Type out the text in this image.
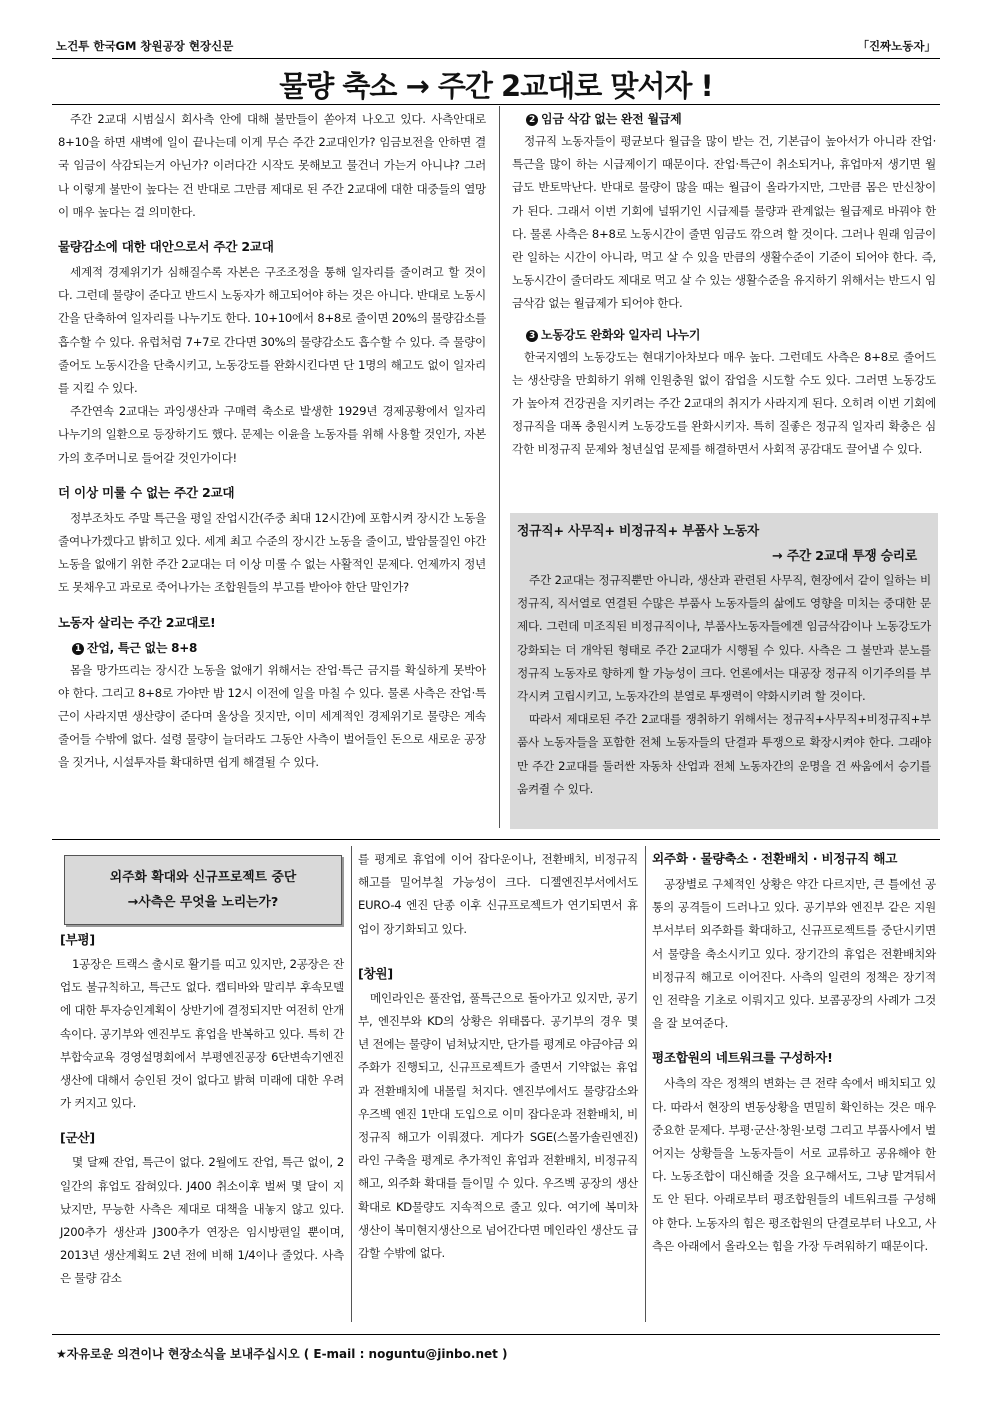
노건투 한국GM 창원공장 현장신문	「진짜노동자」
물량 축소 → 주간 2교대로 맞서자 !

주간 2교대 시범실시 회사측 안에 대해 불만들이 쏟아져 나오고 있다. 사측안대로 8+10을 하면 새벽에 일이 끝나는데 이게 무슨 주간 2교대인가? 임금보전을 안하면 결국 임금이 삭감되는거 아닌가? 이러다간 시작도 못해보고 물건너 가는거 아니냐? 그러나 이렇게 불만이 높다는 건 반대로 그만큼 제대로 된 주간 2교대에 대한 대중들의 열망이 매우 높다는 걸 의미한다.

물량감소에 대한 대안으로서 주간 2교대

세계적 경제위기가 심해질수록 자본은 구조조정을 통해 일자리를 줄이려고 할 것이다. 그런데 물량이 준다고 반드시 노동자가 해고되어야 하는 것은 아니다. 반대로 노동시간을 단축하여 일자리를 나누기도 한다. 10+10에서 8+8로 줄이면 20%의 물량감소를 흡수할 수 있다. 유럽처럼 7+7로 간다면 30%의 물량감소도 흡수할 수 있다. 즉 물량이 줄어도 노동시간을 단축시키고, 노동강도를 완화시킨다면 단 1명의 해고도 없이 일자리를 지킬 수 있다.

주간연속 2교대는 과잉생산과 구매력 축소로 발생한 1929년 경제공황에서 일자리 나누기의 일환으로 등장하기도 했다. 문제는 이윤을 노동자를 위해 사용할 것인가, 자본가의 호주머니로 들어갈 것인가이다!

더 이상 미룰 수 없는 주간 2교대

정부조차도 주말 특근을 평일 잔업시간(주중 최대 12시간)에 포함시켜 장시간 노동을 줄여나가겠다고 밝히고 있다. 세계 최고 수준의 장시간 노동을 줄이고, 발암물질인 야간노동을 없애기 위한 주간 2교대는 더 이상 미룰 수 없는 사활적인 문제다. 언제까지 정년도 못채우고 과로로 죽어나가는 조합원들의 부고를 받아야 한단 말인가?

노동자 살리는 주간 2교대로!
1 잔업, 특근 없는 8+8

몸을 망가뜨리는 장시간 노동을 없애기 위해서는 잔업·특근 금지를 확실하게 못박아야 한다. 그리고 8+8로 가야만 밤 12시 이전에 일을 마칠 수 있다. 물론 사측은 잔업·특근이 사라지면 생산량이 준다며 울상을 짓지만, 이미 세계적인 경제위기로 물량은 계속 줄어들 수밖에 없다. 설령 물량이 늘더라도 그동안 사측이 벌어들인 돈으로 새로운 공장을 짓거나, 시설투자를 확대하면 쉽게 해결될 수 있다.

2 임금 삭감 없는 완전 월급제

정규직 노동자들이 평균보다 월급을 많이 받는 건, 기본급이 높아서가 아니라 잔업·특근을 많이 하는 시급제이기 때문이다. 잔업·특근이 취소되거나, 휴업마저 생기면 월급도 반토막난다. 반대로 물량이 많을 때는 월급이 올라가지만, 그만큼 몸은 만신창이가 된다. 그래서 이번 기회에 널뛰기인 시급제를 물량과 관계없는 월급제로 바꿔야 한다. 물론 사측은 8+8로 노동시간이 줄면 임금도 깎으려 할 것이다. 그러나 원래 임금이란 일하는 시간이 아니라, 먹고 살 수 있을 만큼의 생활수준이 기준이 되어야 한다. 즉, 노동시간이 줄더라도 제대로 먹고 살 수 있는 생활수준을 유지하기 위해서는 반드시 임금삭감 없는 월급제가 되어야 한다.

3 노동강도 완화와 일자리 나누기

한국지엠의 노동강도는 현대기아차보다 매우 높다. 그런데도 사측은 8+8로 줄어드는 생산량을 만회하기 위해 인원충원 없이 잡업을 시도할 수도 있다. 그러면 노동강도가 높아져 건강권을 지키려는 주간 2교대의 취지가 사라지게 된다. 오히려 이번 기회에 정규직을 대폭 충원시켜 노동강도를 완화시키자. 특히 질좋은 정규직 일자리 확충은 심각한 비정규직 문제와 청년실업 문제를 해결하면서 사회적 공감대도 끌어낼 수 있다.

정규직+ 사무직+ 비정규직+ 부품사 노동자
→ 주간 2교대 투쟁 승리로

주간 2교대는 정규직뿐만 아니라, 생산과 관련된 사무직, 현장에서 같이 일하는 비정규직, 직서열로 연결된 수많은 부품사 노동자들의 삶에도 영향을 미치는 중대한 문제다. 그런데 미조직된 비정규직이나, 부품사노동자들에겐 임금삭감이나 노동강도가 강화되는 더 개악된 형태로 주간 2교대가 시행될 수 있다. 사측은 그 불만과 분노를 정규직 노동자로 향하게 할 가능성이 크다. 언론에서는 대공장 정규직 이기주의를 부각시켜 고립시키고, 노동자간의 분열로 투쟁력이 약화시키려 할 것이다.

따라서 제대로된 주간 2교대를 쟁취하기 위해서는 정규직+사무직+비정규직+부품사 노동자들을 포함한 전체 노동자들의 단결과 투쟁으로 확장시켜야 한다. 그래야만 주간 2교대를 둘러싼 자동차 산업과 전체 노동자간의 운명을 건 싸움에서 승기를 움켜쥘 수 있다.

외주화 확대와 신규프로젝트 중단
→사측은 무엇을 노리는가?
[부평]

1공장은 트랙스 출시로 활기를 띠고 있지만, 2공장은 잔업도 불규칙하고, 특근도 없다. 캡티바와 말리부 후속모델에 대한 투자승인계획이 상반기에 결정되지만 여전히 안개 속이다. 공기부와 엔진부도 휴업을 반복하고 있다. 특히 간부합숙교육 경영설명회에서 부평엔진공장 6단변속기엔진생산에 대해서 승인된 것이 없다고 밝혀 미래에 대한 우려가 커지고 있다.

[군산]

몇 달째 잔업, 특근이 없다. 2월에도 잔업, 특근 없이, 2일간의 휴업도 잡혀있다. J400 취소이후 벌써 몇 달이 지났지만, 무능한 사측은 제대로 대책을 내놓지 않고 있다. J200추가 생산과 J300추가 연장은 임시방편일 뿐이며, 2013년 생산계획도 2년 전에 비해 1/4이나 줄었다. 사측은 물량 감소

를 평계로 휴업에 이어 잡다운이나, 전환배치, 비정규직 해고를 밀어부칠 가능성이 크다. 디젤엔진부서에서도 EURO-4 엔진 단종 이후 신규프로젝트가 연기되면서 휴업이 장기화되고 있다.

[창원]

메인라인은 풀잔업, 풀특근으로 돌아가고 있지만, 공기부, 엔진부와 KD의 상황은 위태롭다. 공기부의 경우 몇 년 전에는 물량이 넘쳐났지만, 단가를 평계로 야금야금 외주화가 진행되고, 신규프로젝트가 줄면서 기약없는 휴업과 전환배치에 내몰릴 처지다. 엔진부에서도 물량감소와 우즈벡 엔진 1만대 도입으로 이미 잡다운과 전환배치, 비정규직 해고가 이뤄졌다. 게다가 SGE(스몰가솔린엔진) 라인 구축을 평계로 추가적인 휴업과 전환배치, 비정규직 해고, 외주화 확대를 들이밀 수 있다. 우즈벡 공장의 생산확대로 KD물량도 지속적으로 줄고 있다. 여기에 복미차 생산이 복미현지생산으로 넘어간다면 메인라인 생산도 급감할 수밖에 없다.

외주화 · 물량축소 · 전환배치 · 비정규직 해고

공장별로 구체적인 상황은 약간 다르지만, 큰 틀에선 공통의 공격들이 드러나고 있다. 공기부와 엔진부 같은 지원부서부터 외주화를 확대하고, 신규프로젝트를 중단시키면서 물량을 축소시키고 있다. 장기간의 휴업은 전환배치와 비정규직 해고로 이어진다. 사측의 일련의 정책은 장기적인 전략을 기초로 이뤄지고 있다. 보콤공장의 사례가 그것을 잘 보여준다.

평조합원의 네트워크를 구성하자!

사측의 작은 정책의 변화는 큰 전략 속에서 배치되고 있다. 따라서 현장의 변동상황을 면밀히 확인하는 것은 매우 중요한 문제다. 부평·군산·창원·보령 그리고 부품사에서 벌어지는 상황들을 노동자들이 서로 교류하고 공유해야 한다. 노동조합이 대신해줄 것을 요구해서도, 그냥 맡겨둬서도 안 된다. 아래로부터 평조합원들의 네트워크를 구성해야 한다. 노동자의 힘은 평조합원의 단결로부터 나오고, 사측은 아래에서 올라오는 힘을 가장 두려워하기 때문이다.

★자유로운 의견이나 현장소식을 보내주십시오 ( E-mail : noguntu@jinbo.net )
